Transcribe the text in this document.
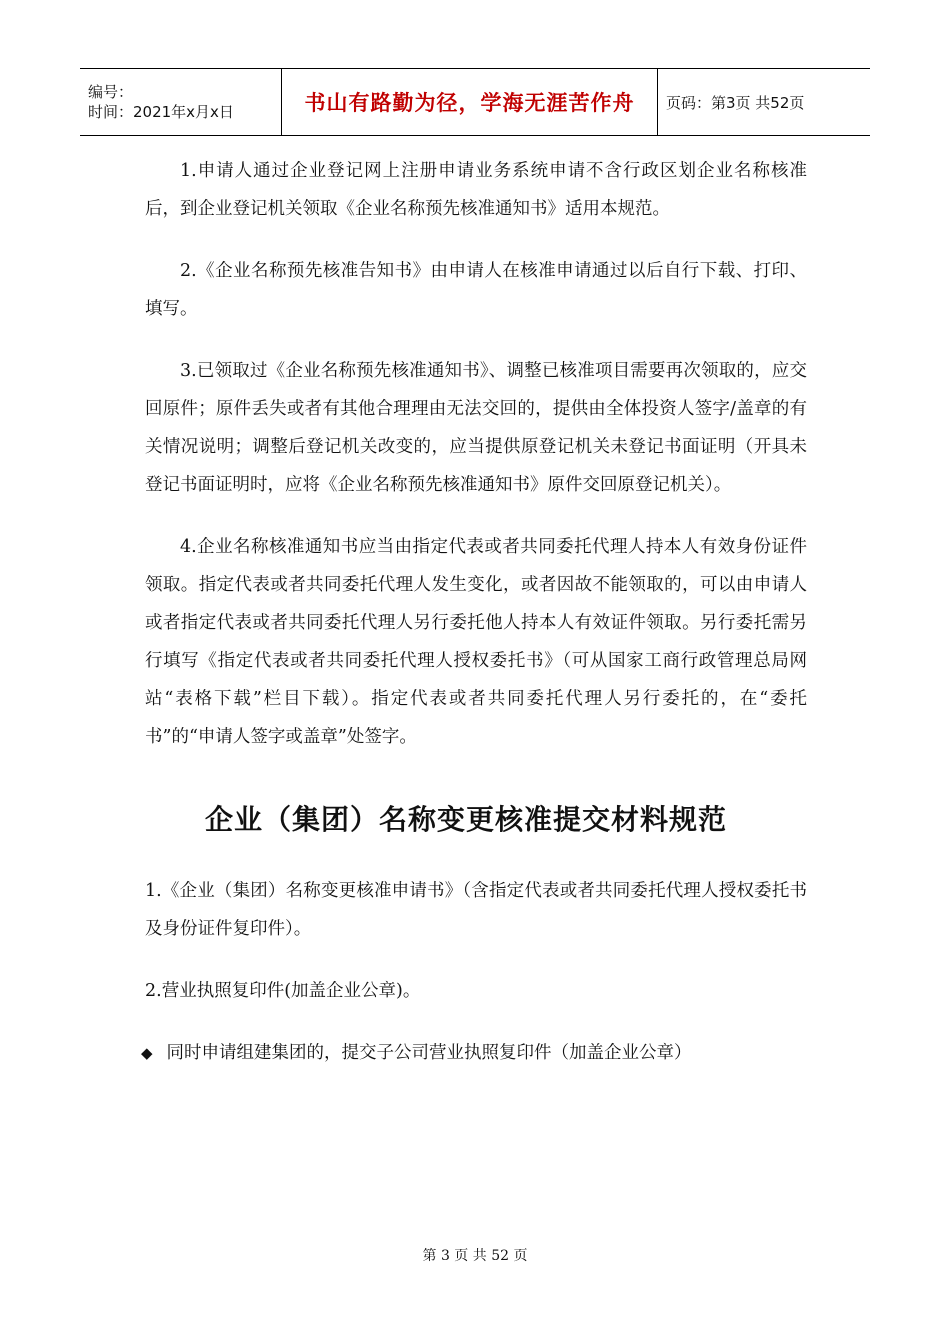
编号：
时间：2021年x月x日	书山有路勤为径，学海无涯苦作舟	页码：第3页 共52页

1.申请人通过企业登记网上注册申请业务系统申请不含行政区划企业名称核准后，到企业登记机关领取《企业名称预先核准通知书》适用本规范。

2.《企业名称预先核准告知书》由申请人在核准申请通过以后自行下载、打印、填写。

3.已领取过《企业名称预先核准通知书》、调整已核准项目需要再次领取的，应交回原件；原件丢失或者有其他合理理由无法交回的，提供由全体投资人签字/盖章的有关情况说明；调整后登记机关改变的，应当提供原登记机关未登记书面证明（开具未登记书面证明时，应将《企业名称预先核准通知书》原件交回原登记机关）。

4.企业名称核准通知书应当由指定代表或者共同委托代理人持本人有效身份证件领取。指定代表或者共同委托代理人发生变化，或者因故不能领取的，可以由申请人或者指定代表或者共同委托代理人另行委托他人持本人有效证件领取。另行委托需另行填写《指定代表或者共同委托代理人授权委托书》（可从国家工商行政管理总局网站“表格下载”栏目下载）。指定代表或者共同委托代理人另行委托的，在“委托书”的“申请人签字或盖章”处签字。

企业（集团）名称变更核准提交材料规范

1.《企业（集团）名称变更核准申请书》（含指定代表或者共同委托代理人授权委托书及身份证件复印件）。

2.营业执照复印件(加盖企业公章)。

◆ 同时申请组建集团的，提交子公司营业执照复印件（加盖企业公章）
第 3 页 共 52 页
